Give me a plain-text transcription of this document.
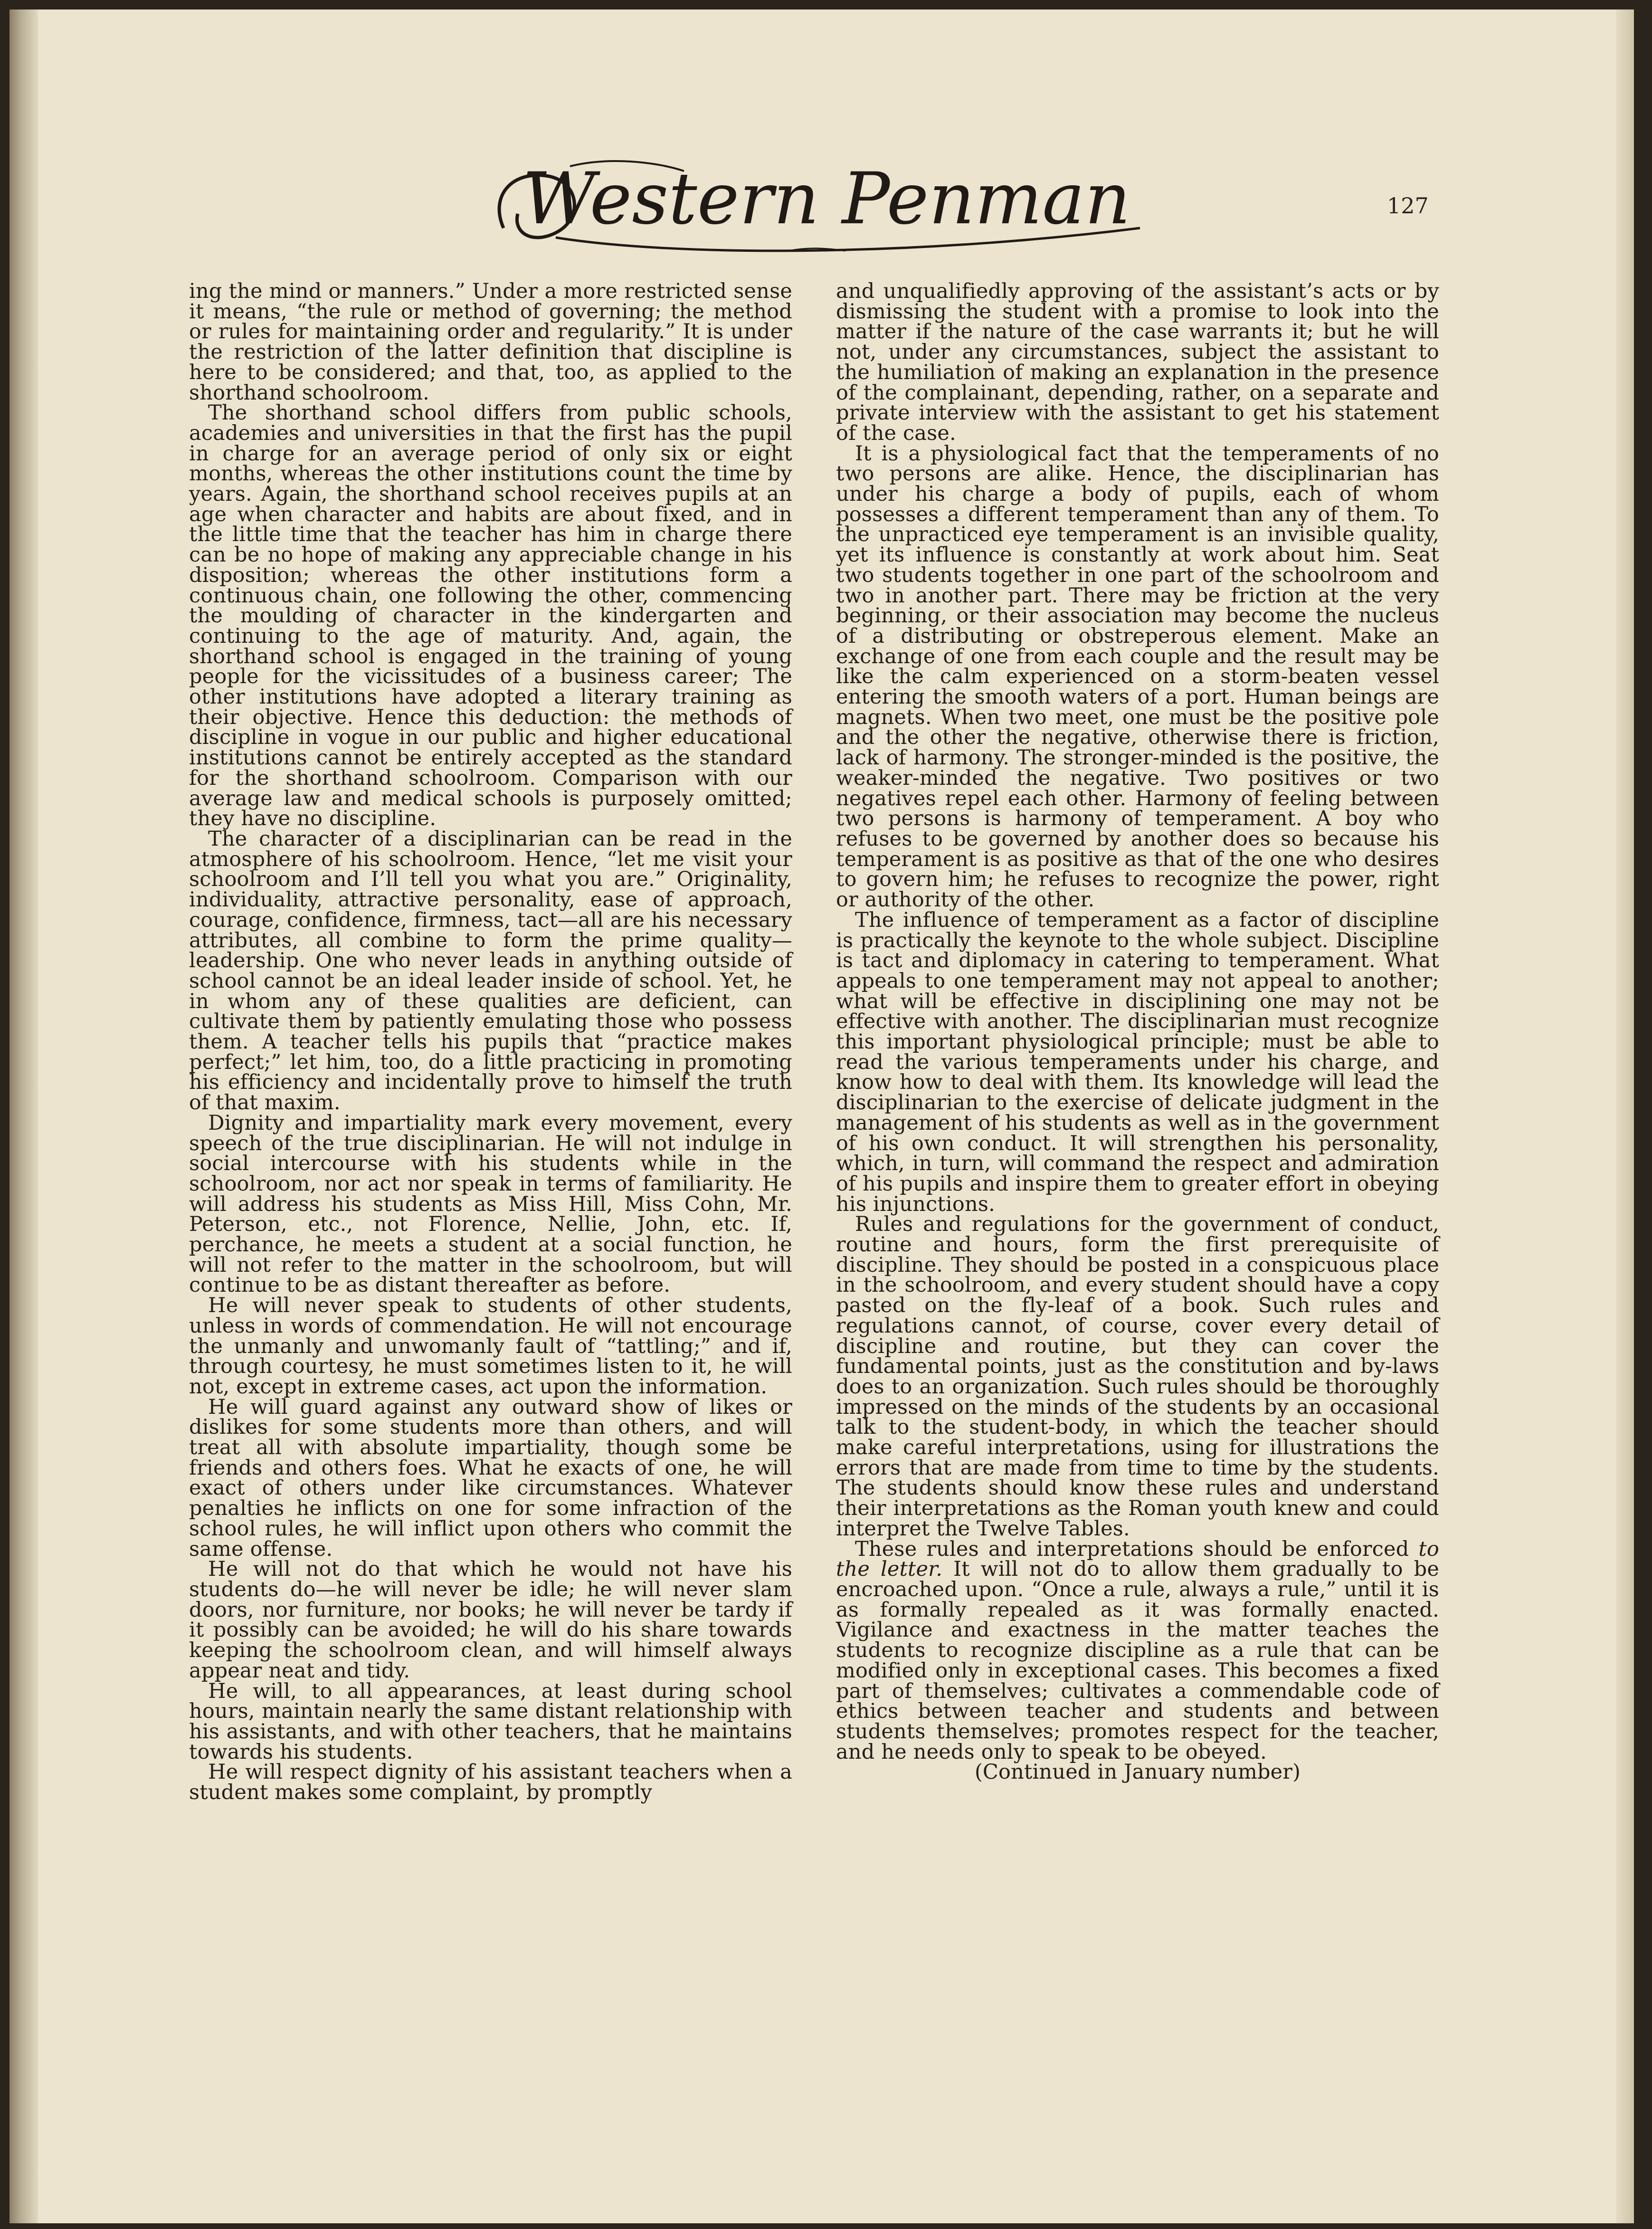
Western Penman	127

ing the mind or manners.” Under a more restricted sense it means, “the rule or method of governing; the method or rules for maintaining order and regularity.” It is under the restriction of the latter definition that discipline is here to be considered; and that, too, as applied to the shorthand schoolroom.

The shorthand school differs from public schools, academies and universities in that the first has the pupil in charge for an average period of only six or eight months, whereas the other institutions count the time by years. Again, the shorthand school receives pupils at an age when character and habits are about fixed, and in the little time that the teacher has him in charge there can be no hope of making any appreciable change in his disposition; whereas the other institutions form a continuous chain, one following the other, commencing the moulding of character in the kindergarten and continuing to the age of maturity. And, again, the shorthand school is engaged in the training of young people for the vicissitudes of a business career; The other institutions have adopted a literary training as their objective. Hence this deduction: the methods of discipline in vogue in our public and higher educational institutions cannot be entirely accepted as the standard for the shorthand schoolroom. Comparison with our average law and medical schools is purposely omitted; they have no discipline.

The character of a disciplinarian can be read in the atmosphere of his schoolroom. Hence, “let me visit your schoolroom and I’ll tell you what you are.” Originality, individuality, attractive personality, ease of approach, courage, confidence, firmness, tact—all are his necessary attributes, all combine to form the prime quality—leadership. One who never leads in anything outside of school cannot be an ideal leader inside of school. Yet, he in whom any of these qualities are deficient, can cultivate them by patiently emulating those who possess them. A teacher tells his pupils that “practice makes perfect;” let him, too, do a little practicing in promoting his efficiency and incidentally prove to himself the truth of that maxim.

Dignity and impartiality mark every movement, every speech of the true disciplinarian. He will not indulge in social intercourse with his students while in the schoolroom, nor act nor speak in terms of familiarity. He will address his students as Miss Hill, Miss Cohn, Mr. Peterson, etc., not Florence, Nellie, John, etc. If, perchance, he meets a student at a social function, he will not refer to the matter in the schoolroom, but will continue to be as distant thereafter as before.

He will never speak to students of other students, unless in words of commendation. He will not encourage the unmanly and unwomanly fault of “tattling;” and if, through courtesy, he must sometimes listen to it, he will not, except in extreme cases, act upon the information.

He will guard against any outward show of likes or dislikes for some students more than others, and will treat all with absolute impartiality, though some be friends and others foes. What he exacts of one, he will exact of others under like circumstances. Whatever penalties he inflicts on one for some infraction of the school rules, he will inflict upon others who commit the same offense.

He will not do that which he would not have his students do—he will never be idle; he will never slam doors, nor furniture, nor books; he will never be tardy if it possibly can be avoided; he will do his share towards keeping the schoolroom clean, and will himself always appear neat and tidy.

He will, to all appearances, at least during school hours, maintain nearly the same distant relationship with his assistants, and with other teachers, that he maintains towards his students.

He will respect dignity of his assistant teachers when a student makes some complaint, by promptly

and unqualifiedly approving of the assistant’s acts or by dismissing the student with a promise to look into the matter if the nature of the case warrants it; but he will not, under any circumstances, subject the assistant to the humiliation of making an explanation in the presence of the complainant, depending, rather, on a separate and private interview with the assistant to get his statement of the case.

It is a physiological fact that the temperaments of no two persons are alike. Hence, the disciplinarian has under his charge a body of pupils, each of whom possesses a different temperament than any of them. To the unpracticed eye temperament is an invisible quality, yet its influence is constantly at work about him. Seat two students together in one part of the schoolroom and two in another part. There may be friction at the very beginning, or their association may become the nucleus of a distributing or obstreperous element. Make an exchange of one from each couple and the result may be like the calm experienced on a storm-beaten vessel entering the smooth waters of a port. Human beings are magnets. When two meet, one must be the positive pole and the other the negative, otherwise there is friction, lack of harmony. The stronger-minded is the positive, the weaker-minded the negative. Two positives or two negatives repel each other. Harmony of feeling between two persons is harmony of temperament. A boy who refuses to be governed by another does so because his temperament is as positive as that of the one who desires to govern him; he refuses to recognize the power, right or authority of the other.

The influence of temperament as a factor of discipline is practically the keynote to the whole subject. Discipline is tact and diplomacy in catering to temperament. What appeals to one temperament may not appeal to another; what will be effective in disciplining one may not be effective with another. The disciplinarian must recognize this important physiological principle; must be able to read the various temperaments under his charge, and know how to deal with them. Its knowledge will lead the disciplinarian to the exercise of delicate judgment in the management of his students as well as in the government of his own conduct. It will strengthen his personality, which, in turn, will command the respect and admiration of his pupils and inspire them to greater effort in obeying his injunctions.

Rules and regulations for the government of conduct, routine and hours, form the first prerequisite of discipline. They should be posted in a conspicuous place in the schoolroom, and every student should have a copy pasted on the fly-leaf of a book. Such rules and regulations cannot, of course, cover every detail of discipline and routine, but they can cover the fundamental points, just as the constitution and by-laws does to an organization. Such rules should be thoroughly impressed on the minds of the students by an occasional talk to the student-body, in which the teacher should make careful interpretations, using for illustrations the errors that are made from time to time by the students. The students should know these rules and understand their interpretations as the Roman youth knew and could interpret the Twelve Tables.

These rules and interpretations should be enforced to the letter. It will not do to allow them gradually to be encroached upon. “Once a rule, always a rule,” until it is as formally repealed as it was formally enacted. Vigilance and exactness in the matter teaches the students to recognize discipline as a rule that can be modified only in exceptional cases. This becomes a fixed part of themselves; cultivates a commendable code of ethics between teacher and students and between students themselves; promotes respect for the teacher, and he needs only to speak to be obeyed.

(Continued in January number)
